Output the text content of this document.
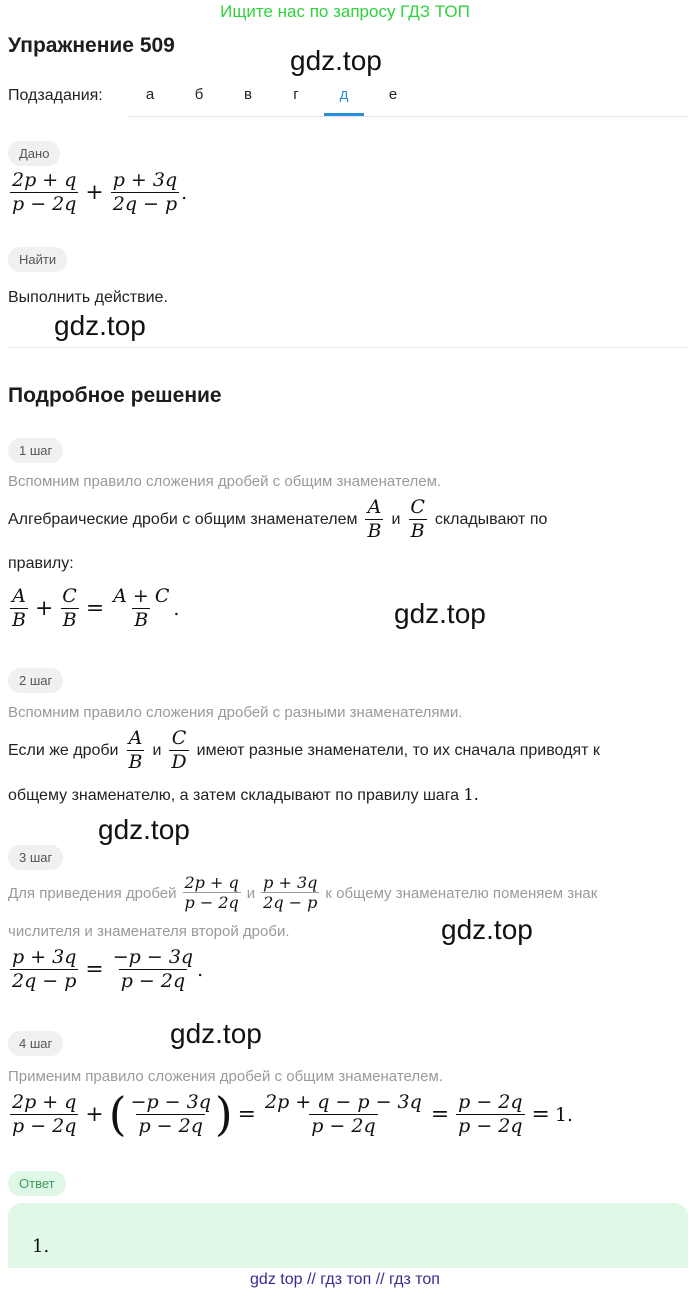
Ищите нас по запросу ГДЗ ТОП
Упражнение 509	gdz.top
Подзадания:	а	б	в	г	д	е
Дано
$\frac{2p + q}{p - 2q} + \frac{p + 3q}{2q - p}$ .
Найти
Выполнить действие.
gdz.top
Подробное решение
1 шаг
Вспомним правило сложения дробей с общим знаменателем.
Алгебраические дроби с общим знаменателем $\frac{A}{B}$ и $\frac{C}{B}$ складывают по
правилу:
$\frac{A}{B} + \frac{C}{B} = \frac{A + C}{B}$ .	gdz.top
2 шаг
Вспомним правило сложения дробей с разными знаменателями.
Если же дроби $\frac{A}{B}$ и $\frac{C}{D}$ имеют разные знаменатели, то их сначала приводят к
общему знаменателю, а затем складывают по правилу шага 1.
gdz.top
3 шаг
Для приведения дробей $\frac{2p + q}{p - 2q}$ и $\frac{p + 3q}{2q - p}$ к общему знаменателю поменяем знак
числителя и знаменателя второй дроби.	gdz.top
$\frac{p + 3q}{2q - p} = \frac{-p - 3q}{p - 2q}$ .
gdz.top
4 шаг
Применим правило сложения дробей с общим знаменателем.
$\frac{2p + q}{p - 2q}$ + ( $\frac{-p - 3q}{p - 2q}$ ) = $\frac{2p + q - p - 3q}{p - 2q} = \frac{p - 2q}{p - 2q} = 1$.
Ответ
1.
gdz top // гдз топ // гдз топ
